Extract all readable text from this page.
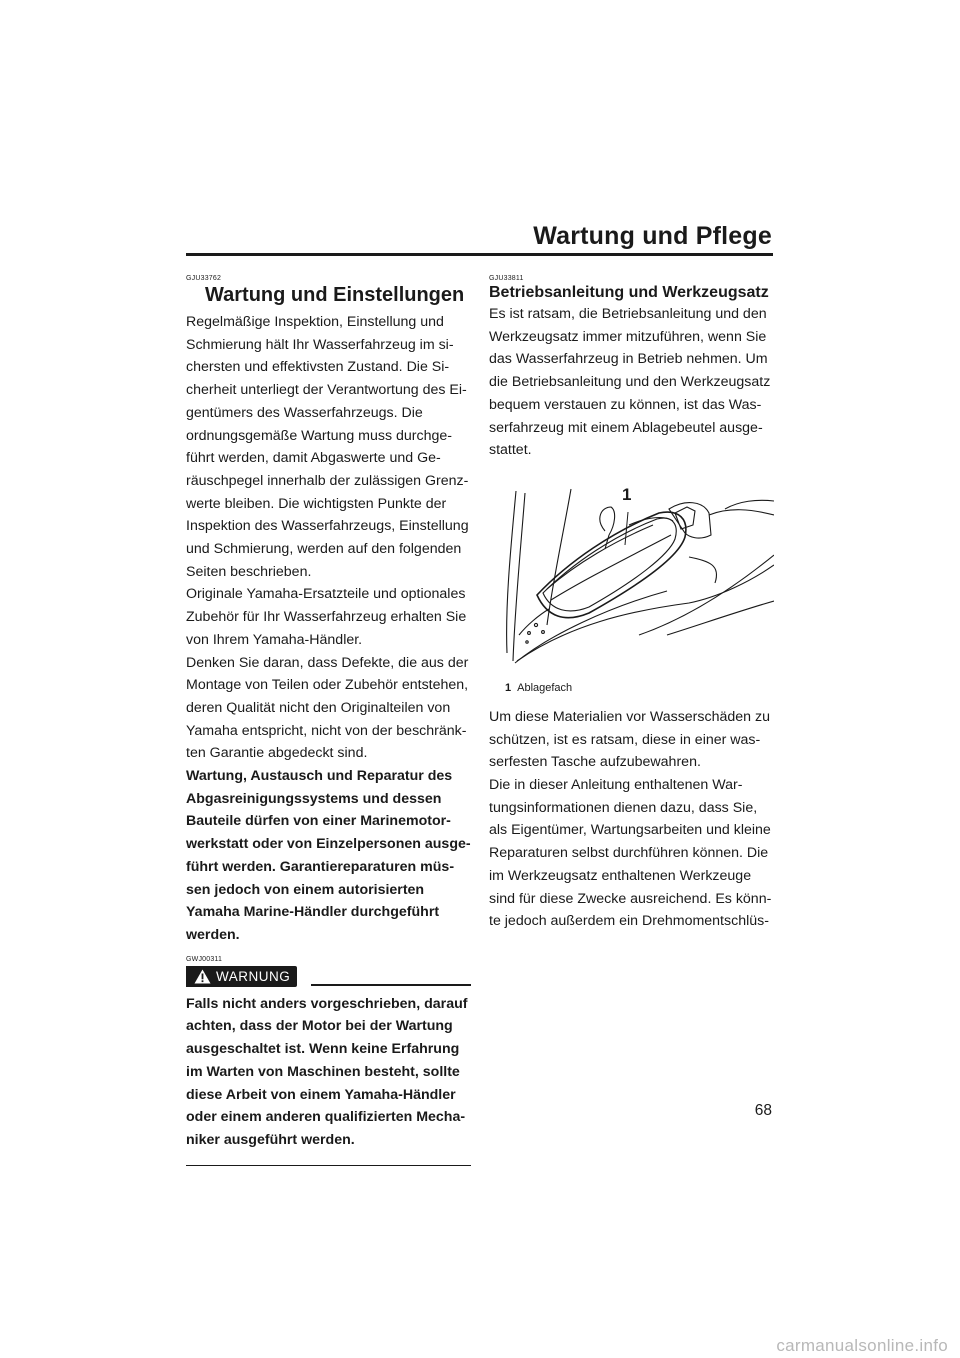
Wartung und Pflege
GJU33762
Wartung und Einstellungen

Regelmäßige Inspektion, Einstellung und Schmierung hält Ihr Wasserfahrzeug im sichersten und effektivsten Zustand. Die Sicherheit unterliegt der Verantwortung des Eigentümers des Wasserfahrzeugs. Die ordnungsgemäße Wartung muss durchgeführt werden, damit Abgaswerte und Geräuschpegel innerhalb der zulässigen Grenzwerte bleiben. Die wichtigsten Punkte der Inspektion des Wasserfahrzeugs, Einstellung und Schmierung, werden auf den folgenden Seiten beschrieben.

Originale Yamaha-Ersatzteile und optionales Zubehör für Ihr Wasserfahrzeug erhalten Sie von Ihrem Yamaha-Händler.

Denken Sie daran, dass Defekte, die aus der Montage von Teilen oder Zubehör entstehen, deren Qualität nicht den Originalteilen von Yamaha entspricht, nicht von der beschränkten Garantie abgedeckt sind.

Wartung, Austausch und Reparatur des Abgasreinigungssystems und dessen Bauteile dürfen von einer Marinemotorwerkstatt oder von Einzelpersonen ausgeführt werden. Garantiereparaturen müssen jedoch von einem autorisierten Yamaha Marine-Händler durchgeführt werden.

GWJ00311
WARNUNG

Falls nicht anders vorgeschrieben, darauf achten, dass der Motor bei der Wartung ausgeschaltet ist. Wenn keine Erfahrung im Warten von Maschinen besteht, sollte diese Arbeit von einem Yamaha-Händler oder einem anderen qualifizierten Mechaniker ausgeführt werden.

GJU33811
Betriebsanleitung und Werkzeugsatz

Es ist ratsam, die Betriebsanleitung und den Werkzeugsatz immer mitzuführen, wenn Sie das Wasserfahrzeug in Betrieb nehmen. Um die Betriebsanleitung und den Werkzeugsatz bequem verstauen zu können, ist das Wasserfahrzeug mit einem Ablagebeutel ausgestattet.

1
1 Ablagefach

Um diese Materialien vor Wasserschäden zu schützen, ist es ratsam, diese in einer wasserfesten Tasche aufzubewahren.

Die in dieser Anleitung enthaltenen Wartungsinformationen dienen dazu, dass Sie, als Eigentümer, Wartungsarbeiten und kleine Reparaturen selbst durchführen können. Die im Werkzeugsatz enthaltenen Werkzeuge sind für diese Zwecke ausreichend. Es könnte jedoch außerdem ein Drehmomentschlüs-

68
carmanualsonline.info
